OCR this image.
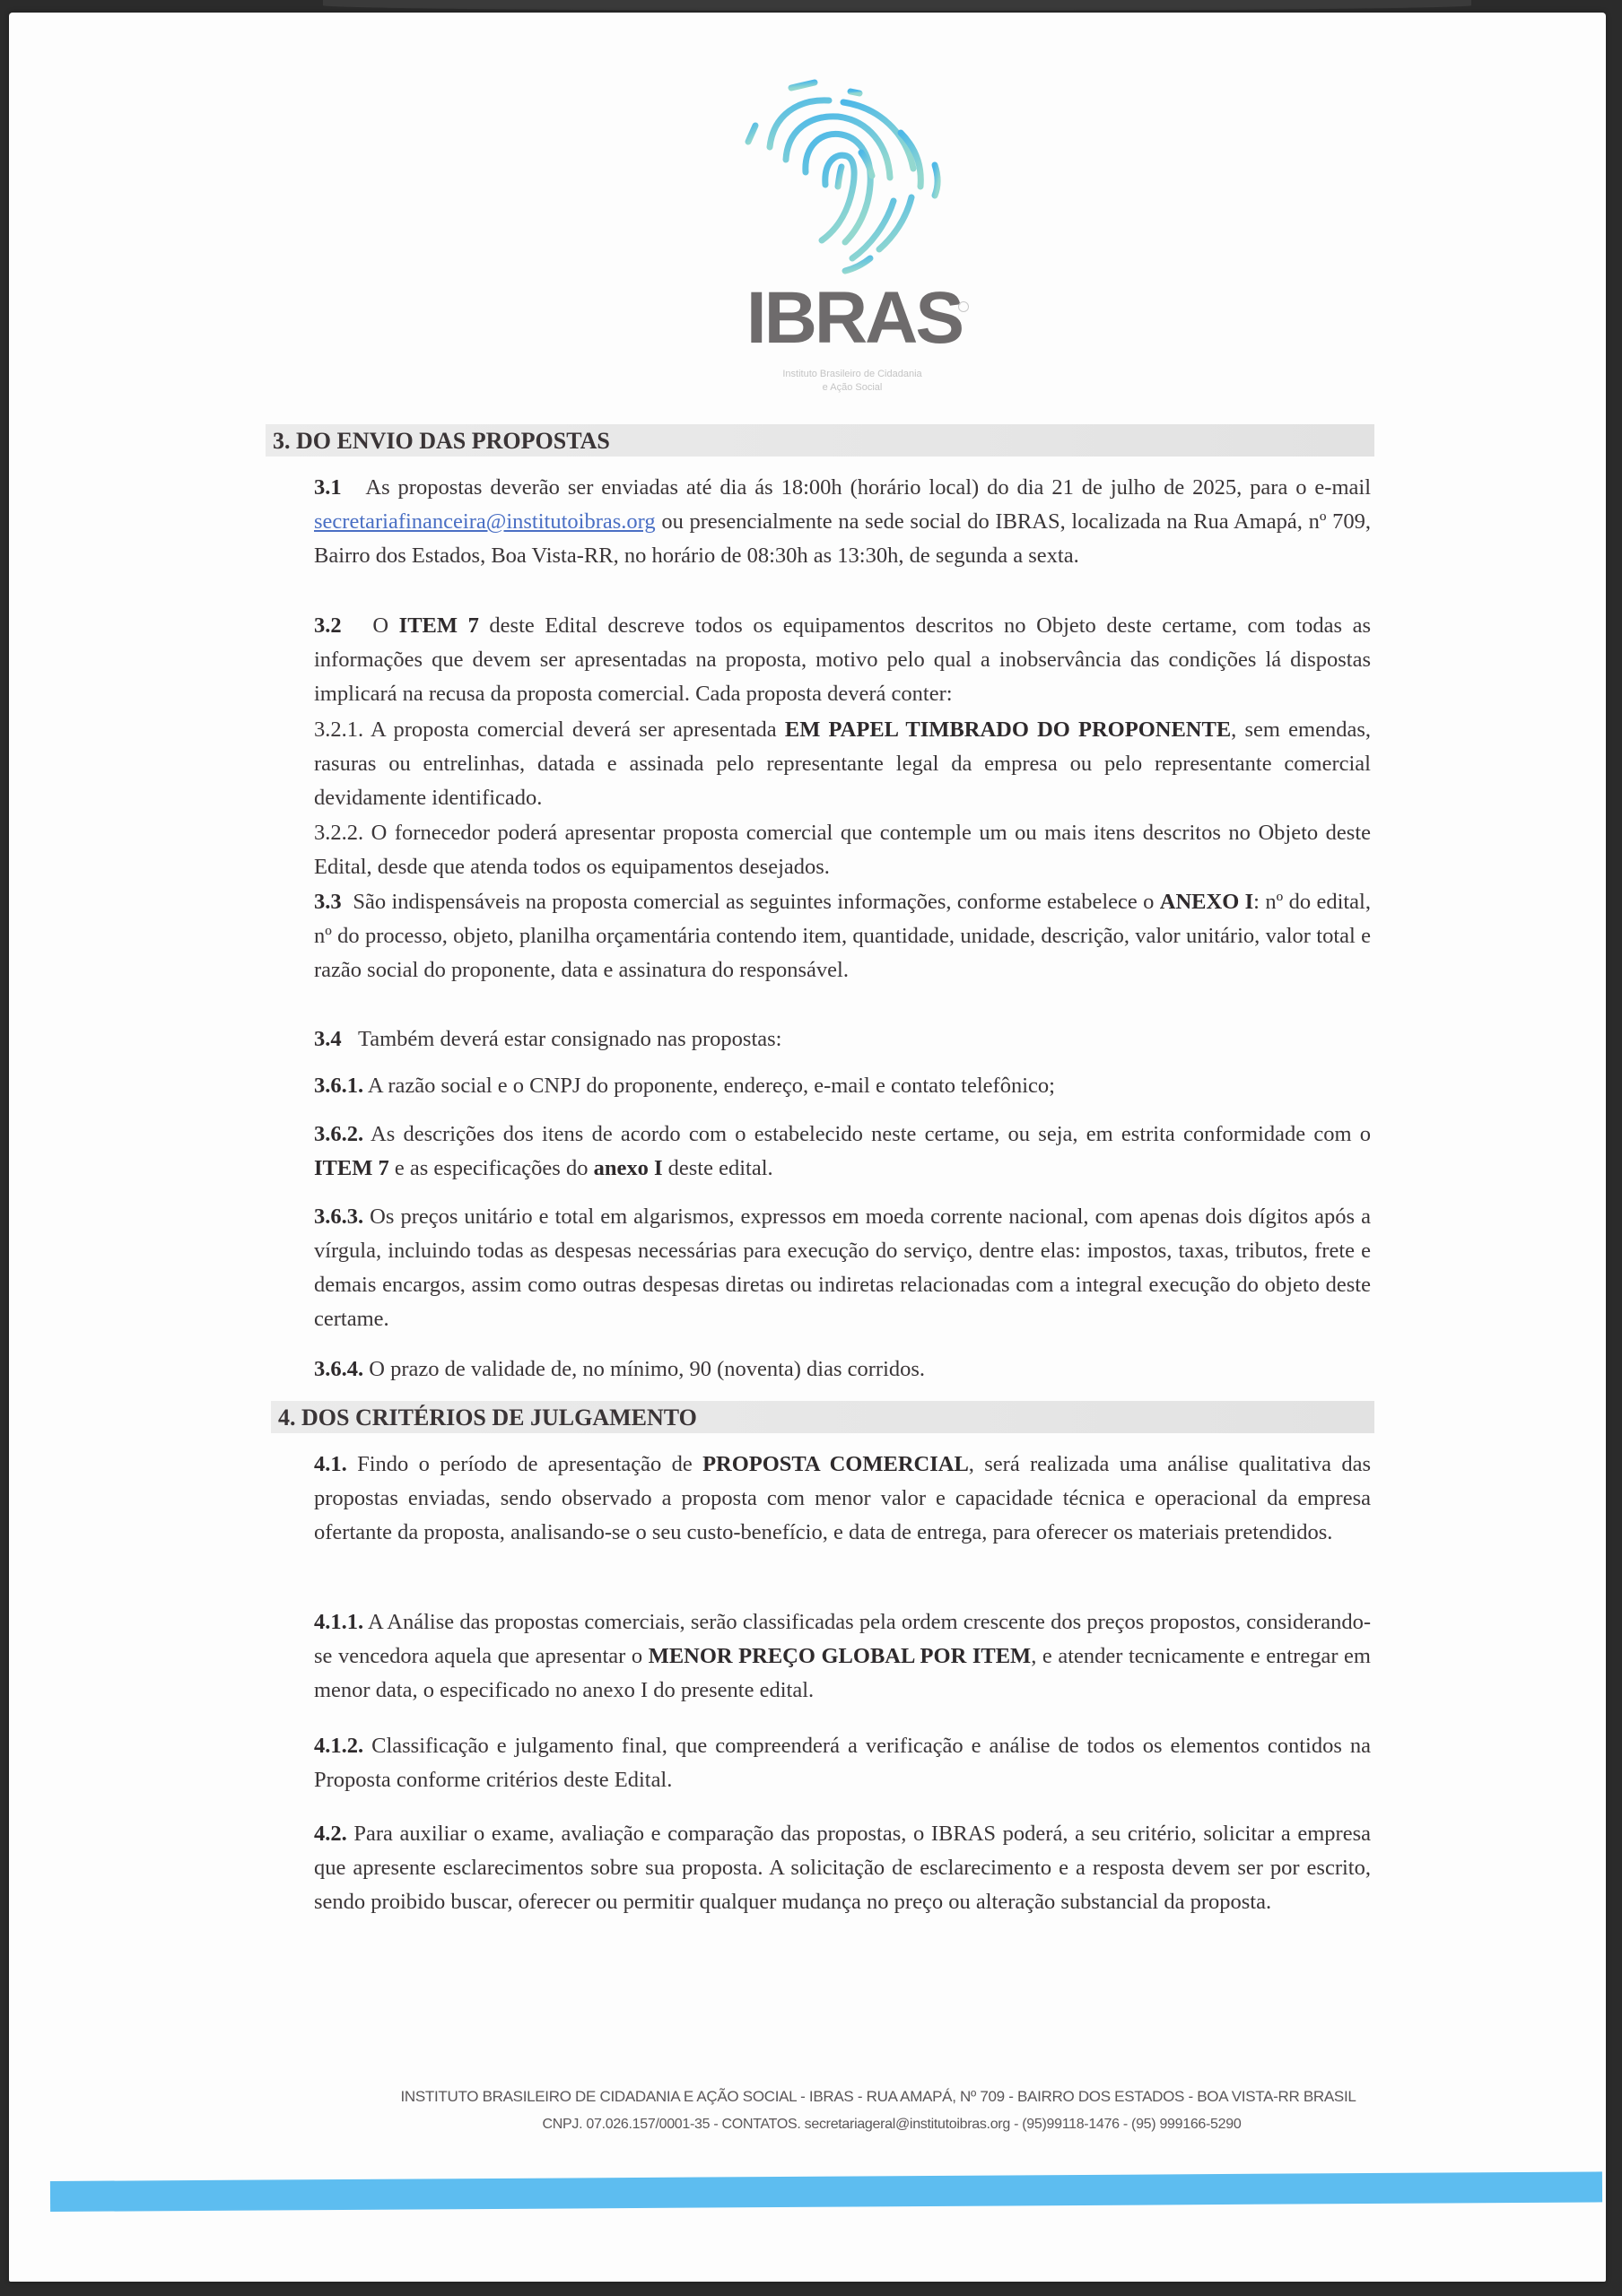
IBRAS
Instituto Brasileiro de Cidadania
e Ação Social
3. DO ENVIO DAS PROPOSTAS
3.1 As propostas deverão ser enviadas até dia ás 18:00h (horário local) do dia 21 de julho de 2025, para o e-mail secretariafinanceira@institutoibras.org ou presencialmente na sede social do IBRAS, localizada na Rua Amapá, nº 709, Bairro dos Estados, Boa Vista-RR, no horário de 08:30h as 13:30h, de segunda a sexta.
3.2 O ITEM 7 deste Edital descreve todos os equipamentos descritos no Objeto deste certame, com todas as informações que devem ser apresentadas na proposta, motivo pelo qual a inobservância das condições lá dispostas implicará na recusa da proposta comercial. Cada proposta deverá conter:
3.2.1. A proposta comercial deverá ser apresentada EM PAPEL TIMBRADO DO PROPONENTE, sem emendas, rasuras ou entrelinhas, datada e assinada pelo representante legal da empresa ou pelo representante comercial devidamente identificado.
3.2.2. O fornecedor poderá apresentar proposta comercial que contemple um ou mais itens descritos no Objeto deste Edital, desde que atenda todos os equipamentos desejados.
3.3 São indispensáveis na proposta comercial as seguintes informações, conforme estabelece o ANEXO I: nº do edital, nº do processo, objeto, planilha orçamentária contendo item, quantidade, unidade, descrição, valor unitário, valor total e razão social do proponente, data e assinatura do responsável.
3.4 Também deverá estar consignado nas propostas:
3.6.1. A razão social e o CNPJ do proponente, endereço, e-mail e contato telefônico;
3.6.2. As descrições dos itens de acordo com o estabelecido neste certame, ou seja, em estrita conformidade com o ITEM 7 e as especificações do anexo I deste edital.
3.6.3. Os preços unitário e total em algarismos, expressos em moeda corrente nacional, com apenas dois dígitos após a vírgula, incluindo todas as despesas necessárias para execução do serviço, dentre elas: impostos, taxas, tributos, frete e demais encargos, assim como outras despesas diretas ou indiretas relacionadas com a integral execução do objeto deste certame.
3.6.4. O prazo de validade de, no mínimo, 90 (noventa) dias corridos.
4. DOS CRITÉRIOS DE JULGAMENTO
4.1. Findo o período de apresentação de PROPOSTA COMERCIAL, será realizada uma análise qualitativa das propostas enviadas, sendo observado a proposta com menor valor e capacidade técnica e operacional da empresa ofertante da proposta, analisando-se o seu custo-benefício, e data de entrega, para oferecer os materiais pretendidos.
4.1.1. A Análise das propostas comerciais, serão classificadas pela ordem crescente dos preços propostos, considerando-se vencedora aquela que apresentar o MENOR PREÇO GLOBAL POR ITEM, e atender tecnicamente e entregar em menor data, o especificado no anexo I do presente edital.
4.1.2. Classificação e julgamento final, que compreenderá a verificação e análise de todos os elementos contidos na Proposta conforme critérios deste Edital.
4.2. Para auxiliar o exame, avaliação e comparação das propostas, o IBRAS poderá, a seu critério, solicitar a empresa que apresente esclarecimentos sobre sua proposta. A solicitação de esclarecimento e a resposta devem ser por escrito, sendo proibido buscar, oferecer ou permitir qualquer mudança no preço ou alteração substancial da proposta.
INSTITUTO BRASILEIRO DE CIDADANIA E AÇÃO SOCIAL - IBRAS - RUA AMAPÁ, Nº 709 - BAIRRO DOS ESTADOS - BOA VISTA-RR BRASIL
CNPJ. 07.026.157/0001-35 - CONTATOS. secretariageral@institutoibras.org - (95)99118-1476 - (95) 999166-5290
